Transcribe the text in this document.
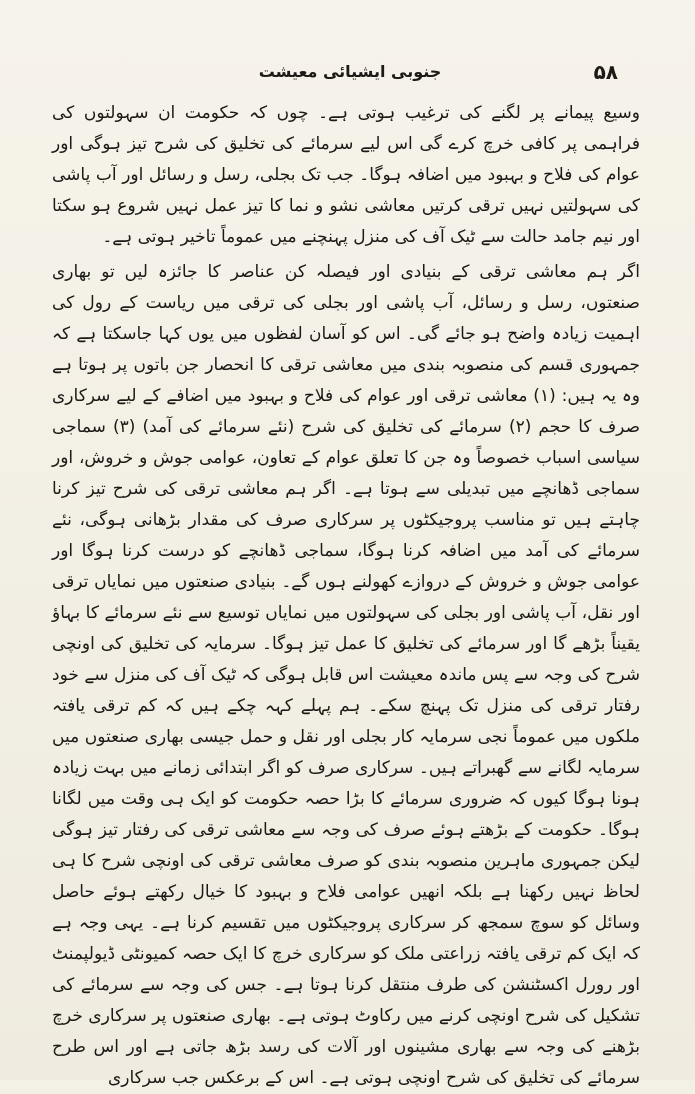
۵۸
جنوبی ایشیائی معیشت

وسیع پیمانے پر لگنے کی ترغیب ہوتی ہے۔ چوں کہ حکومت ان سہولتوں کی فراہمی پر کافی خرچ کرے گی اس لیے سرمائے کی تخلیق کی شرح تیز ہوگی اور عوام کی فلاح و بہبود میں اضافہ ہوگا۔ جب تک بجلی، رسل و رسائل اور آب پاشی کی سہولتیں نہیں ترقی کرتیں معاشی نشو و نما کا تیز عمل نہیں شروع ہو سکتا اور نیم جامد حالت سے ٹیک آف کی منزل پہنچنے میں عموماً تاخیر ہوتی ہے۔

اگر ہم معاشی ترقی کے بنیادی اور فیصلہ کن عناصر کا جائزہ لیں تو بھاری صنعتوں، رسل و رسائل، آب پاشی اور بجلی کی ترقی میں ریاست کے رول کی اہمیت زیادہ واضح ہو جائے گی۔ اس کو آسان لفظوں میں یوں کہا جاسکتا ہے کہ جمہوری قسم کی منصوبہ بندی میں معاشی ترقی کا انحصار جن باتوں پر ہوتا ہے وہ یہ ہیں: (۱) معاشی ترقی اور عوام کی فلاح و بہبود میں اضافے کے لیے سرکاری صرف کا حجم (۲) سرمائے کی تخلیق کی شرح (نئے سرمائے کی آمد) (۳) سماجی سیاسی اسباب خصوصاً وہ جن کا تعلق عوام کے تعاون، عوامی جوش و خروش، اور سماجی ڈھانچے میں تبدیلی سے ہوتا ہے۔ اگر ہم معاشی ترقی کی شرح تیز کرنا چاہتے ہیں تو مناسب پروجیکٹوں پر سرکاری صرف کی مقدار بڑھانی ہوگی، نئے سرمائے کی آمد میں اضافہ کرنا ہوگا، سماجی ڈھانچے کو درست کرنا ہوگا اور عوامی جوش و خروش کے دروازے کھولنے ہوں گے۔ بنیادی صنعتوں میں نمایاں ترقی اور نقل، آب پاشی اور بجلی کی سہولتوں میں نمایاں توسیع سے نئے سرمائے کا بہاؤ یقیناً بڑھے گا اور سرمائے کی تخلیق کا عمل تیز ہوگا۔ سرمایہ کی تخلیق کی اونچی شرح کی وجہ سے پس ماندہ معیشت اس قابل ہوگی کہ ٹیک آف کی منزل سے خود رفتار ترقی کی منزل تک پہنچ سکے۔ ہم پہلے کہہ چکے ہیں کہ کم ترقی یافتہ ملکوں میں عموماً نجی سرمایہ کار بجلی اور نقل و حمل جیسی بھاری صنعتوں میں سرمایہ لگانے سے گھبراتے ہیں۔ سرکاری صرف کو اگر ابتدائی زمانے میں بہت زیادہ ہونا ہوگا کیوں کہ ضروری سرمائے کا بڑا حصہ حکومت کو ایک ہی وقت میں لگانا ہوگا۔ حکومت کے بڑھتے ہوئے صرف کی وجہ سے معاشی ترقی کی رفتار تیز ہوگی لیکن جمہوری ماہرین منصوبہ بندی کو صرف معاشی ترقی کی اونچی شرح کا ہی لحاظ نہیں رکھنا ہے بلکہ انھیں عوامی فلاح و بہبود کا خیال رکھتے ہوئے حاصل وسائل کو سوچ سمجھ کر سرکاری پروجیکٹوں میں تقسیم کرنا ہے۔ یہی وجہ ہے کہ ایک کم ترقی یافتہ زراعتی ملک کو سرکاری خرچ کا ایک حصہ کمیونٹی ڈیولپمنٹ اور رورل اکسٹنشن کی طرف منتقل کرنا ہوتا ہے۔ جس کی وجہ سے سرمائے کی تشکیل کی شرح اونچی کرنے میں رکاوٹ ہوتی ہے۔ بھاری صنعتوں پر سرکاری خرچ بڑھنے کی وجہ سے بھاری مشینوں اور آلات کی رسد بڑھ جاتی ہے اور اس طرح سرمائے کی تخلیق کی شرح اونچی ہوتی ہے۔ اس کے برعکس جب سرکاری
